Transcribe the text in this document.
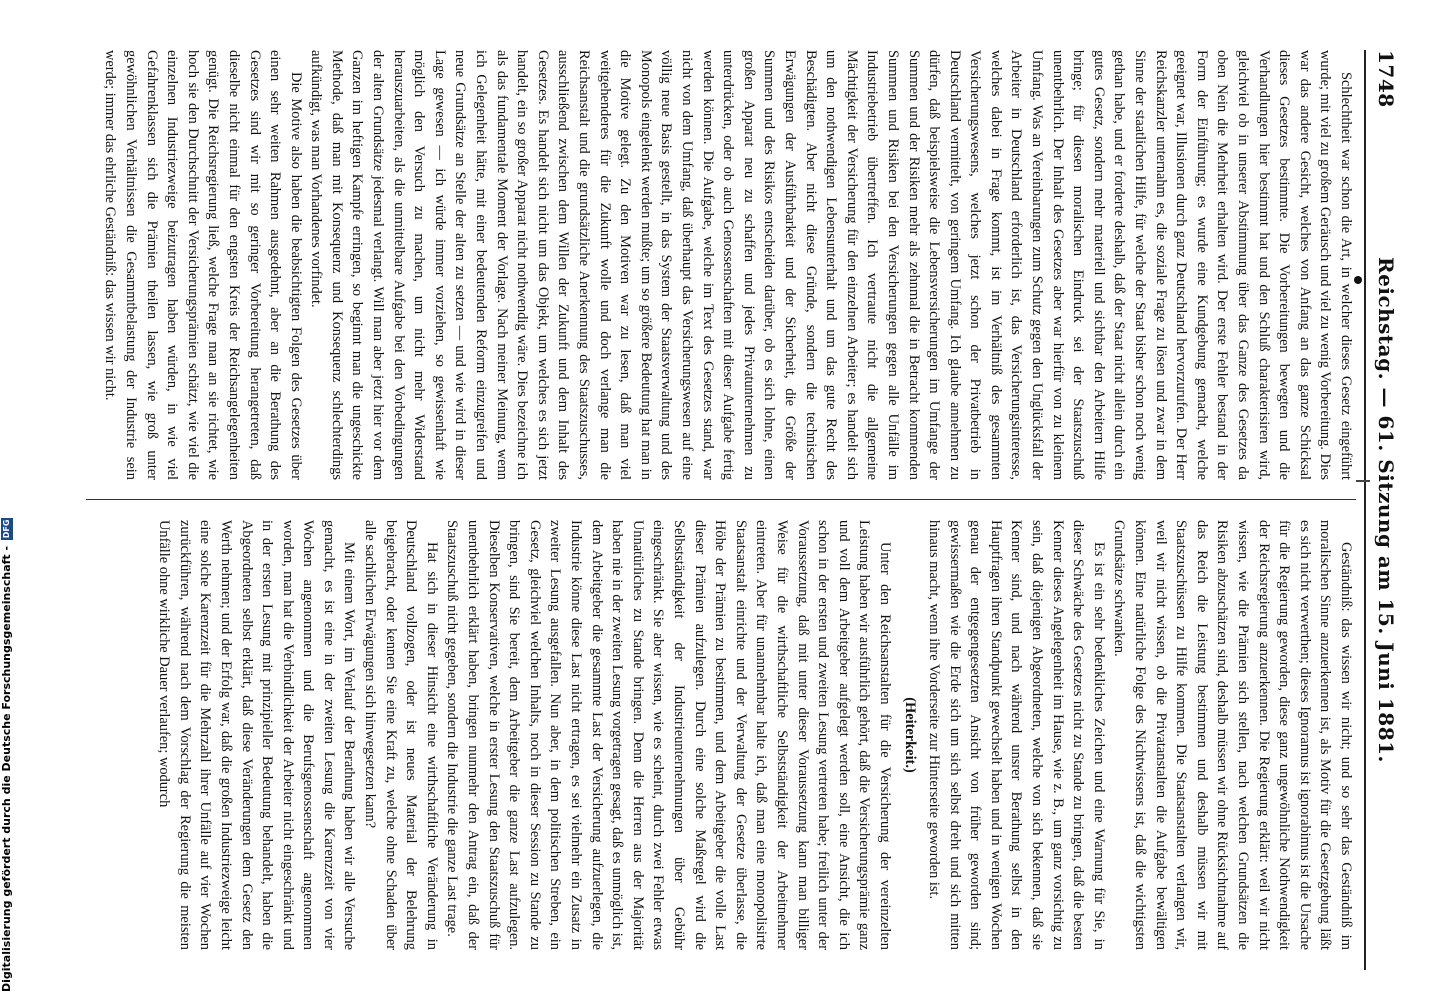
1748
Reichstag. — 61. Sitzung am 15. Juni 1881.

Schlechtheit war schon die Art, in welcher dieses Gesetz eingeführt wurde; mit viel zu großem Geräusch und viel zu wenig Vorbereitung. Dies war das andere Gesicht, welches von Anfang an das ganze Schicksal dieses Gesetzes bestimmte. Die Vorbereitungen bewegten und die Verhandlungen hier bestimmt hat und den Schluß charakterisiren wird, gleichviel ob in unserer Abstimmung über das Ganze des Gesetzes da oben Nein die Mehrheit erhalten wird. Der erste Fehler bestand in der Form der Einführung; es wurde eine Kundgebung gemacht, welche geeignet war, Illusionen durch ganz Deutschland hervorzurufen. Der Herr Reichskanzler unternahm es, die soziale Frage zu lösen und zwar in dem Sinne der staatlichen Hilfe, für welche der Staat bisher schon noch wenig gethan habe, und er forderte deshalb, daß der Staat nicht allein durch ein gutes Gesetz, sondern mehr materiell und sichtbar den Arbeitern Hilfe bringe; für diesen moralischen Eindruck sei der Staatszuschuß unentbehrlich. Der Inhalt des Gesetzes aber war hierfür von zu kleinem Umfang. Was an Vereinbarungen zum Schutz gegen den Unglücksfall der Arbeiter in Deutschland erforderlich ist, das Versicherungsinteresse, welches dabei in Frage kommt, ist im Verhältniß des gesammten Versicherungswesens, welches jetzt schon der Privatbetrieb in Deutschland vermittelt, von geringem Umfang. Ich glaube annehmen zu dürfen, daß beispielsweise die Lebensversicherungen im Umfange der Summen und der Risiken mehr als zehnmal die in Betracht kommenden Summen und Risiken bei den Versicherungen gegen alle Unfälle im Industriebetrieb übertreffen. Ich vertraute nicht die allgemeine Mächtigkeit der Versicherung für den einzelnen Arbeiter; es handelt sich um den nothwendigen Lebensunterhalt und um das gute Recht des Beschädigten. Aber nicht diese Gründe, sondern die technischen Erwägungen der Ausführbarkeit und der Sicherheit, die Größe der Summen und des Risikos entscheiden darüber, ob es sich lohne, einen großen Apparat neu zu schaffen und jedes Privatunternehmen zu unterdrücken, oder ob auch Genossenschaften mit dieser Aufgabe fertig werden können. Die Aufgabe, welche im Text des Gesetzes stand, war nicht von dem Umfang, daß überhaupt das Versicherungswesen auf eine völlig neue Basis gestellt, in das System der Staatsverwaltung und des Monopols eingelenkt werden mußte; um so größere Bedeutung hat man in die Motive gelegt. Zu den Motiven war zu lesen, daß man viel weitgehenderes für die Zukunft wolle und doch verlange man die Reichsanstalt und die grundsätzliche Anerkennung des Staatszuschusses, ausschließend zwischen dem Willen der Zukunft und dem Inhalt des Gesetzes. Es handelt sich nicht um das Objekt, um welches es sich jetzt handelt, ein so großer Apparat nicht nothwendig wäre. Dies bezeichne ich als das fundamentale Moment der Vorlage. Nach meiner Meinung, wenn ich Gelegenheit hätte, mit einer bedeutenden Reform einzugreifen und neue Grundsätze an Stelle der alten zu setzen — und wie wird in dieser Lage gewesen — ich würde immer vorziehen, so gewissenhaft wie möglich den Versuch zu machen, um nicht mehr Widerstand herauszuarbeiten, als die unmittelbare Aufgabe bei den Vorbedingungen der alten Grundsätze jedesmal verlangt. Will man aber jetzt hier vor dem Ganzen im heftigen Kampfe erringen, so beginnt man die ungeschickte Methode, daß man mit Konsequenz und Konsequenz schlechterdings aufkündigt, was man Vorhandenes vorfindet.

Die Motive also haben die beabsichtigten Folgen des Gesetzes über einen sehr weiten Rahmen ausgedehnt, aber an die Berathung des Gesetzes sind wir mit so geringer Vorbereitung herangetreten, daß dieselbe nicht einmal für den engsten Kreis der Reichsangelegenheiten genügt. Die Reichsregierung ließ, welche Frage man an sie richtet, wie hoch sie den Durchschnitt der Versicherungsprämien schätzt, wie viel die einzelnen Industriezweige beizutragen haben würden, in wie viel Gefahrenklassen sich die Prämien theilen lassen, wie groß unter gewöhnlichen Verhältnissen die Gesammtbelastung der Industrie sein werde; immer das ehrliche Geständniß: das wissen wir nicht.

Geständniß: das wissen wir nicht; und so sehr das Geständniß im moralischen Sinne anzuerkennen ist, als Motiv für die Gesetzgebung läßt es sich nicht verwerthen; dieses Ignoramus ist ignorabimus ist die Ursache für die Regierung geworden, diese ganz ungewöhnliche Nothwendigkeit der Reichsregierung anzuerkennen. Die Regierung erklärt: weil wir nicht wissen, wie die Prämien sich stellen, nach welchen Grundsätzen die Risiken abzuschätzen sind, deshalb müssen wir ohne Rücksichtnahme auf das Reich die Leistung bestimmen und deshalb müssen wir mit Staatszuschüssen zu Hilfe kommen. Die Staatsanstalten verlangen wir, weil wir nicht wissen, ob die Privatanstalten die Aufgabe bewältigen können. Eine natürliche Folge des Nichtwissens ist, daß die wichtigsten Grundsätze schwanken.

Es ist ein sehr bedenkliches Zeichen und eine Warnung für Sie, in dieser Schwäche des Gesetzes nicht zu Stande zu bringen, daß die besten Kenner dieses Angelegenheit im Hause, wie z. B., um ganz vorsichtig zu sein, daß diejenigen Abgeordneten, welche von sich bekennen, daß sie Kenner sind, und nach während unsrer Berathung selbst in den Hauptfragen ihren Standpunkt gewechselt haben und in wenigen Wochen genau der entgegengesetzten Ansicht von früher geworden sind; gewissermaßen wie die Erde sich um sich selbst dreht und sich mitten hinaus macht, wenn ihre Vorderseite zur Hinterseite geworden ist.

(Heiterkeit.)

Unter den Reichsanstalten für die Versicherung der vereinzelten Leistung haben wir ausführlich gehört, daß die Versicherungsprämie ganz und voll dem Arbeitgeber aufgelegt werden soll, eine Ansicht, die ich schon in der ersten und zweiten Lesung vertreten habe; freilich unter der Voraussetzung, daß mit unter dieser Voraussetzung kann man billiger Weise für die wirthschaftliche Selbstständigkeit der Arbeitnehmer eintreten. Aber für unannehmbar halte ich, daß man eine monopolisirte Staatsanstalt einrichte und der Verwaltung der Gesetze überlasse, die Höhe der Prämien zu bestimmen, und dem Arbeitgeber die volle Last dieser Prämien aufzulegen. Durch eine solche Maßregel wird die Selbstständigkeit der Industrieunternehmungen über Gebühr eingeschränkt. Sie aber wissen, wie es scheint, durch zwei Fehler etwas Unnatürliches zu Stande bringen. Denn die Herren aus der Majorität haben nie in der zweiten Lesung vorgetragen gesagt, daß es unmöglich ist, dem Arbeitgeber die gesammte Last der Versicherung aufzuerlegen, die Industrie könne diese Last nicht ertragen, es sei vielmehr ein Zusatz in zweiter Lesung ausgefallen. Nun aber, in dem politischen Streben, ein Gesetz, gleichviel welchen Inhalts, noch in dieser Session zu Stande zu bringen, sind Sie bereit, dem Arbeitgeber die ganze Last aufzulegen. Dieselben Konservativen, welche in erster Lesung den Staatszuschuß für unentbehrlich erklärt haben, bringen nunmehr den Antrag ein, daß der Staatszuschuß nicht gegeben, sondern die Industrie die ganze Last trage.

Hat sich in dieser Hinsicht eine wirthschaftliche Veränderung in Deutschland vollzogen, oder ist neues Material der Belehrung beigebracht, oder kennen Sie eine Kraft zu, welche ohne Schaden über alle sachlichen Erwägungen sich hinwegsetzen kann?

Mit einem Wort, im Verlauf der Berathung haben wir alle Versuche gemacht, es ist eine in der zweiten Lesung die Karenzzeit von vier Wochen angenommen und die Berufsgenossenschaft angenommen worden, man hat die Verbindlichkeit der Arbeiter nicht eingeschränkt und in der ersten Lesung mit prinzipieller Bedeutung behandelt, haben die Abgeordneten selbst erklärt, daß diese Veränderungen dem Gesetz den Werth nehmen; und der Erfolg war, daß die großen Industriezweige leicht eine solche Karenzzeit für die Mehrzahl ihrer Unfälle auf vier Wochen zurückführen, während nach dem Vorschlag der Regierung die meisten Unfälle ohne wirkliche Dauer verlaufen; wodurch

Digitalisierung gefördert durch die Deutsche Forschungsgemeinschaft -
DFG
